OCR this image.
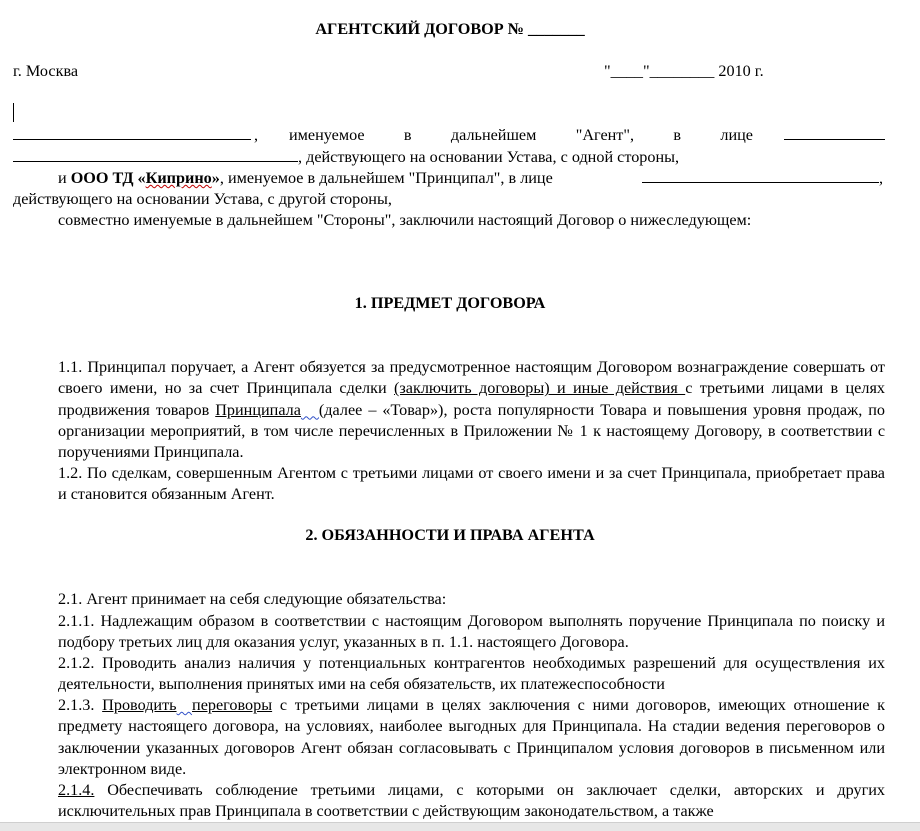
АГЕНТСКИЙ ДОГОВОР № _______
г. Москва	"____"________ 2010 г.
, именуемое в дальнейшем "Агент", в лице
, действующего на основании Устава, с одной стороны,
и ООО ТД «Киприно», именуемое в дальнейшем "Принципал", в лице	,
действующего на основании Устава, с другой стороны,
совместно именуемые в дальнейшем "Стороны", заключили настоящий Договор о нижеследующем:
1. ПРЕДМЕТ ДОГОВОРА
1.1. Принципал поручает, а Агент обязуется за предусмотренное настоящим Договором вознаграждение совершать от своего имени, но за счет Принципала сделки (заключить договоры) и иные действия с третьими лицами в целях продвижения товаров Принципала (далее – «Товар»), роста популярности Товара и повышения уровня продаж, по организации мероприятий, в том числе перечисленных в Приложении № 1 к настоящему Договору, в соответствии с поручениями Принципала.
1.2. По сделкам, совершенным Агентом с третьими лицами от своего имени и за счет Принципала, приобретает права и становится обязанным Агент.
2. ОБЯЗАННОСТИ И ПРАВА АГЕНТА
2.1. Агент принимает на себя следующие обязательства:
2.1.1. Надлежащим образом в соответствии с настоящим Договором выполнять поручение Принципала по поиску и подбору третьих лиц для оказания услуг, указанных в п. 1.1. настоящего Договора.
2.1.2. Проводить анализ наличия у потенциальных контрагентов необходимых разрешений для осуществления их деятельности, выполнения принятых ими на себя обязательств, их платежеспособности
2.1.3. Проводить переговоры с третьими лицами в целях заключения с ними договоров, имеющих отношение к предмету настоящего договора, на условиях, наиболее выгодных для Принципала. На стадии ведения переговоров о заключении указанных договоров Агент обязан согласовывать с Принципалом условия договоров в письменном или электронном виде.
2.1.4. Обеспечивать соблюдение третьими лицами, с которыми он заключает сделки, авторских и других исключительных прав Принципала в соответствии с действующим законодательством, а также
